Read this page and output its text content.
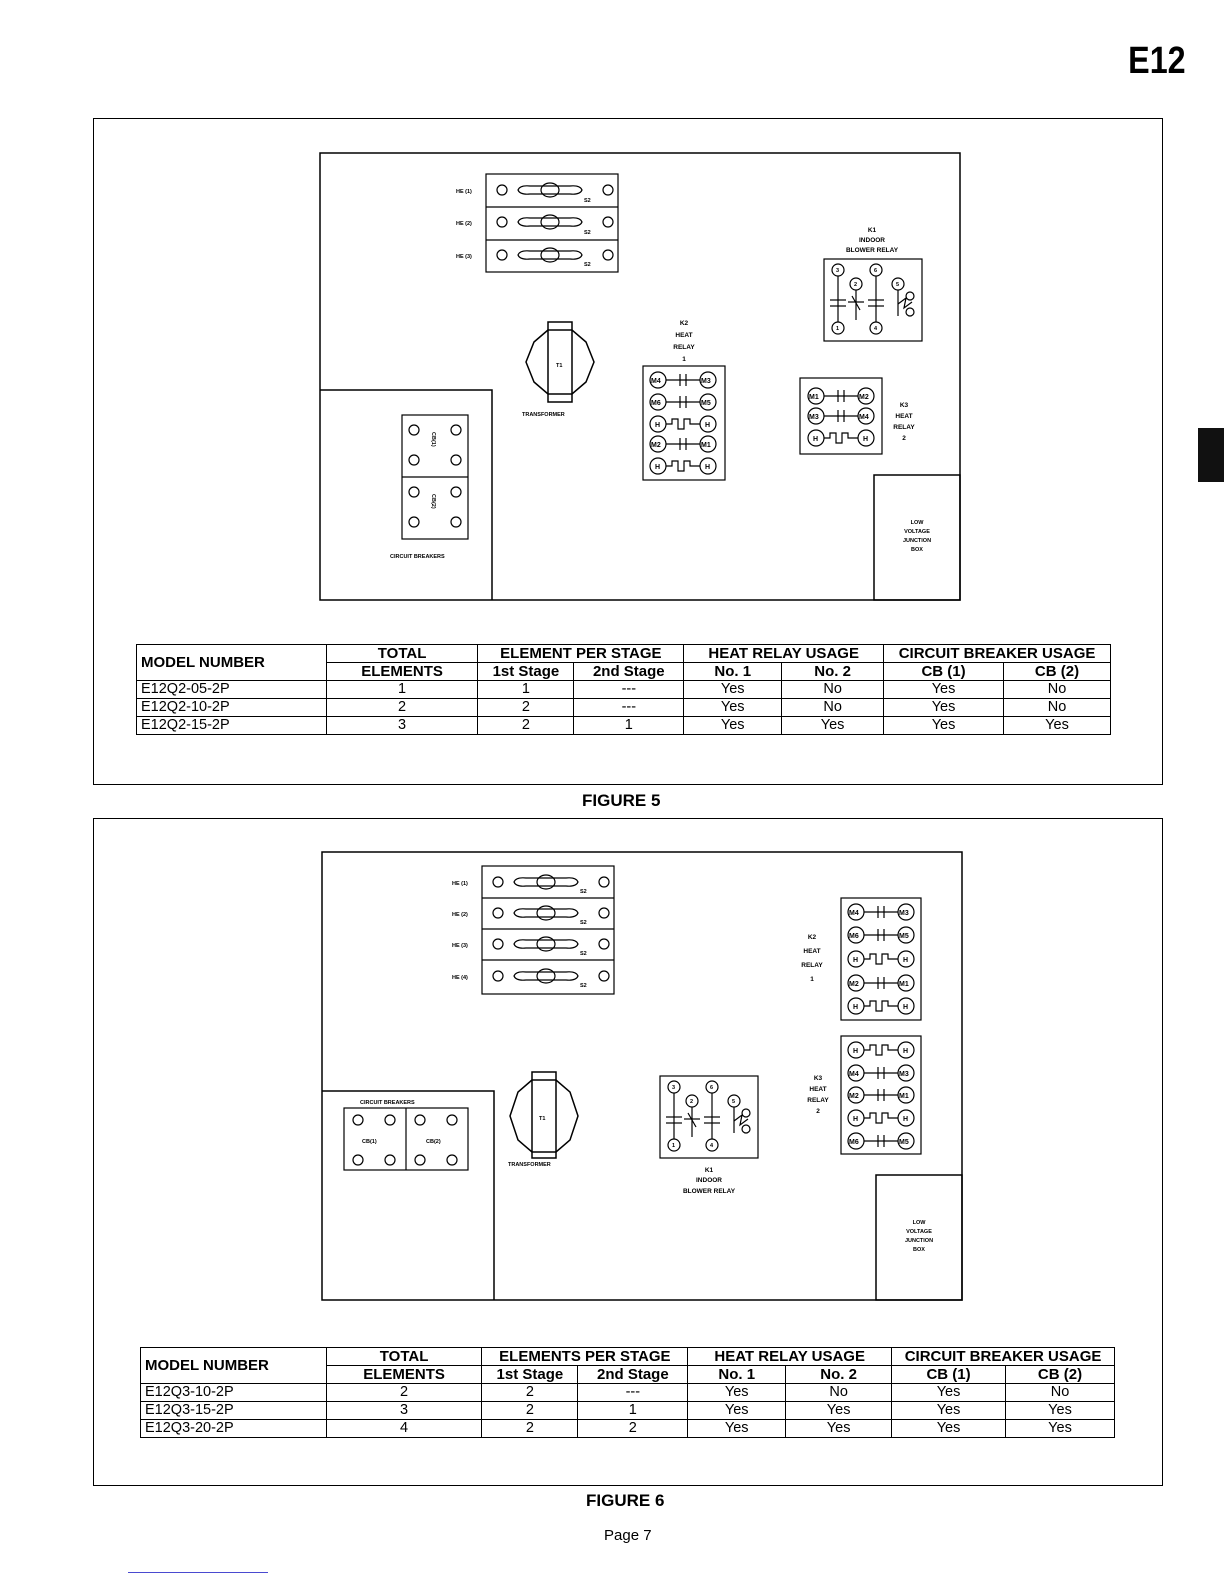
E12
HE (1)
HE (2)
HE (3)
S2
S2
S2
T1
TRANSFORMER
M4	M3
M6	M5
H	H
M2	M1
H	H
K2
HEAT
RELAY
1
3
2
6
5
1	4
K1
INDOOR
BLOWER RELAY
M1	M2
M3	M4
H	H
K3
HEAT
RELAY
2
CB(1)
CB(2)
CIRCUIT BREAKERS
LOW
VOLTAGE
JUNCTION
BOX
MODEL NUMBER	TOTAL	ELEMENT PER STAGE		HEAT RELAY USAGE		CIRCUIT BREAKER USAGE	
	ELEMENTS	1st Stage	2nd Stage	No. 1	No. 2	CB (1)	CB (2)
E12Q2-05-2P	1	1	---	Yes	No	Yes	No
E12Q2-10-2P	2	2	---	Yes	No	Yes	No
E12Q2-15-2P	3	2	1	Yes	Yes	Yes	Yes
FIGURE 5
HE (1)
HE (2)
HE (3)
HE (4)
S2
S2
S2
S2
T1
TRANSFORMER
CIRCUIT BREAKERS
CB(1)	CB(2)
3
2
6
5
1	4
K1
INDOOR
BLOWER RELAY
M4	M3
M6	M5
H	H
M2	M1
H	H
K2
HEAT
RELAY
1
H	H
M4	M3
M2	M1
H	H
M6	M5
K3
HEAT
RELAY
2
LOW
VOLTAGE
JUNCTION
BOX
MODEL NUMBER	TOTAL	ELEMENTS PER STAGE		HEAT RELAY USAGE		CIRCUIT BREAKER USAGE	
	ELEMENTS	1st Stage	2nd Stage	No. 1	No. 2	CB (1)	CB (2)
E12Q3-10-2P	2	2	---	Yes	No	Yes	No
E12Q3-15-2P	3	2	1	Yes	Yes	Yes	Yes
E12Q3-20-2P	4	2	2	Yes	Yes	Yes	Yes
FIGURE 6
Page 7
